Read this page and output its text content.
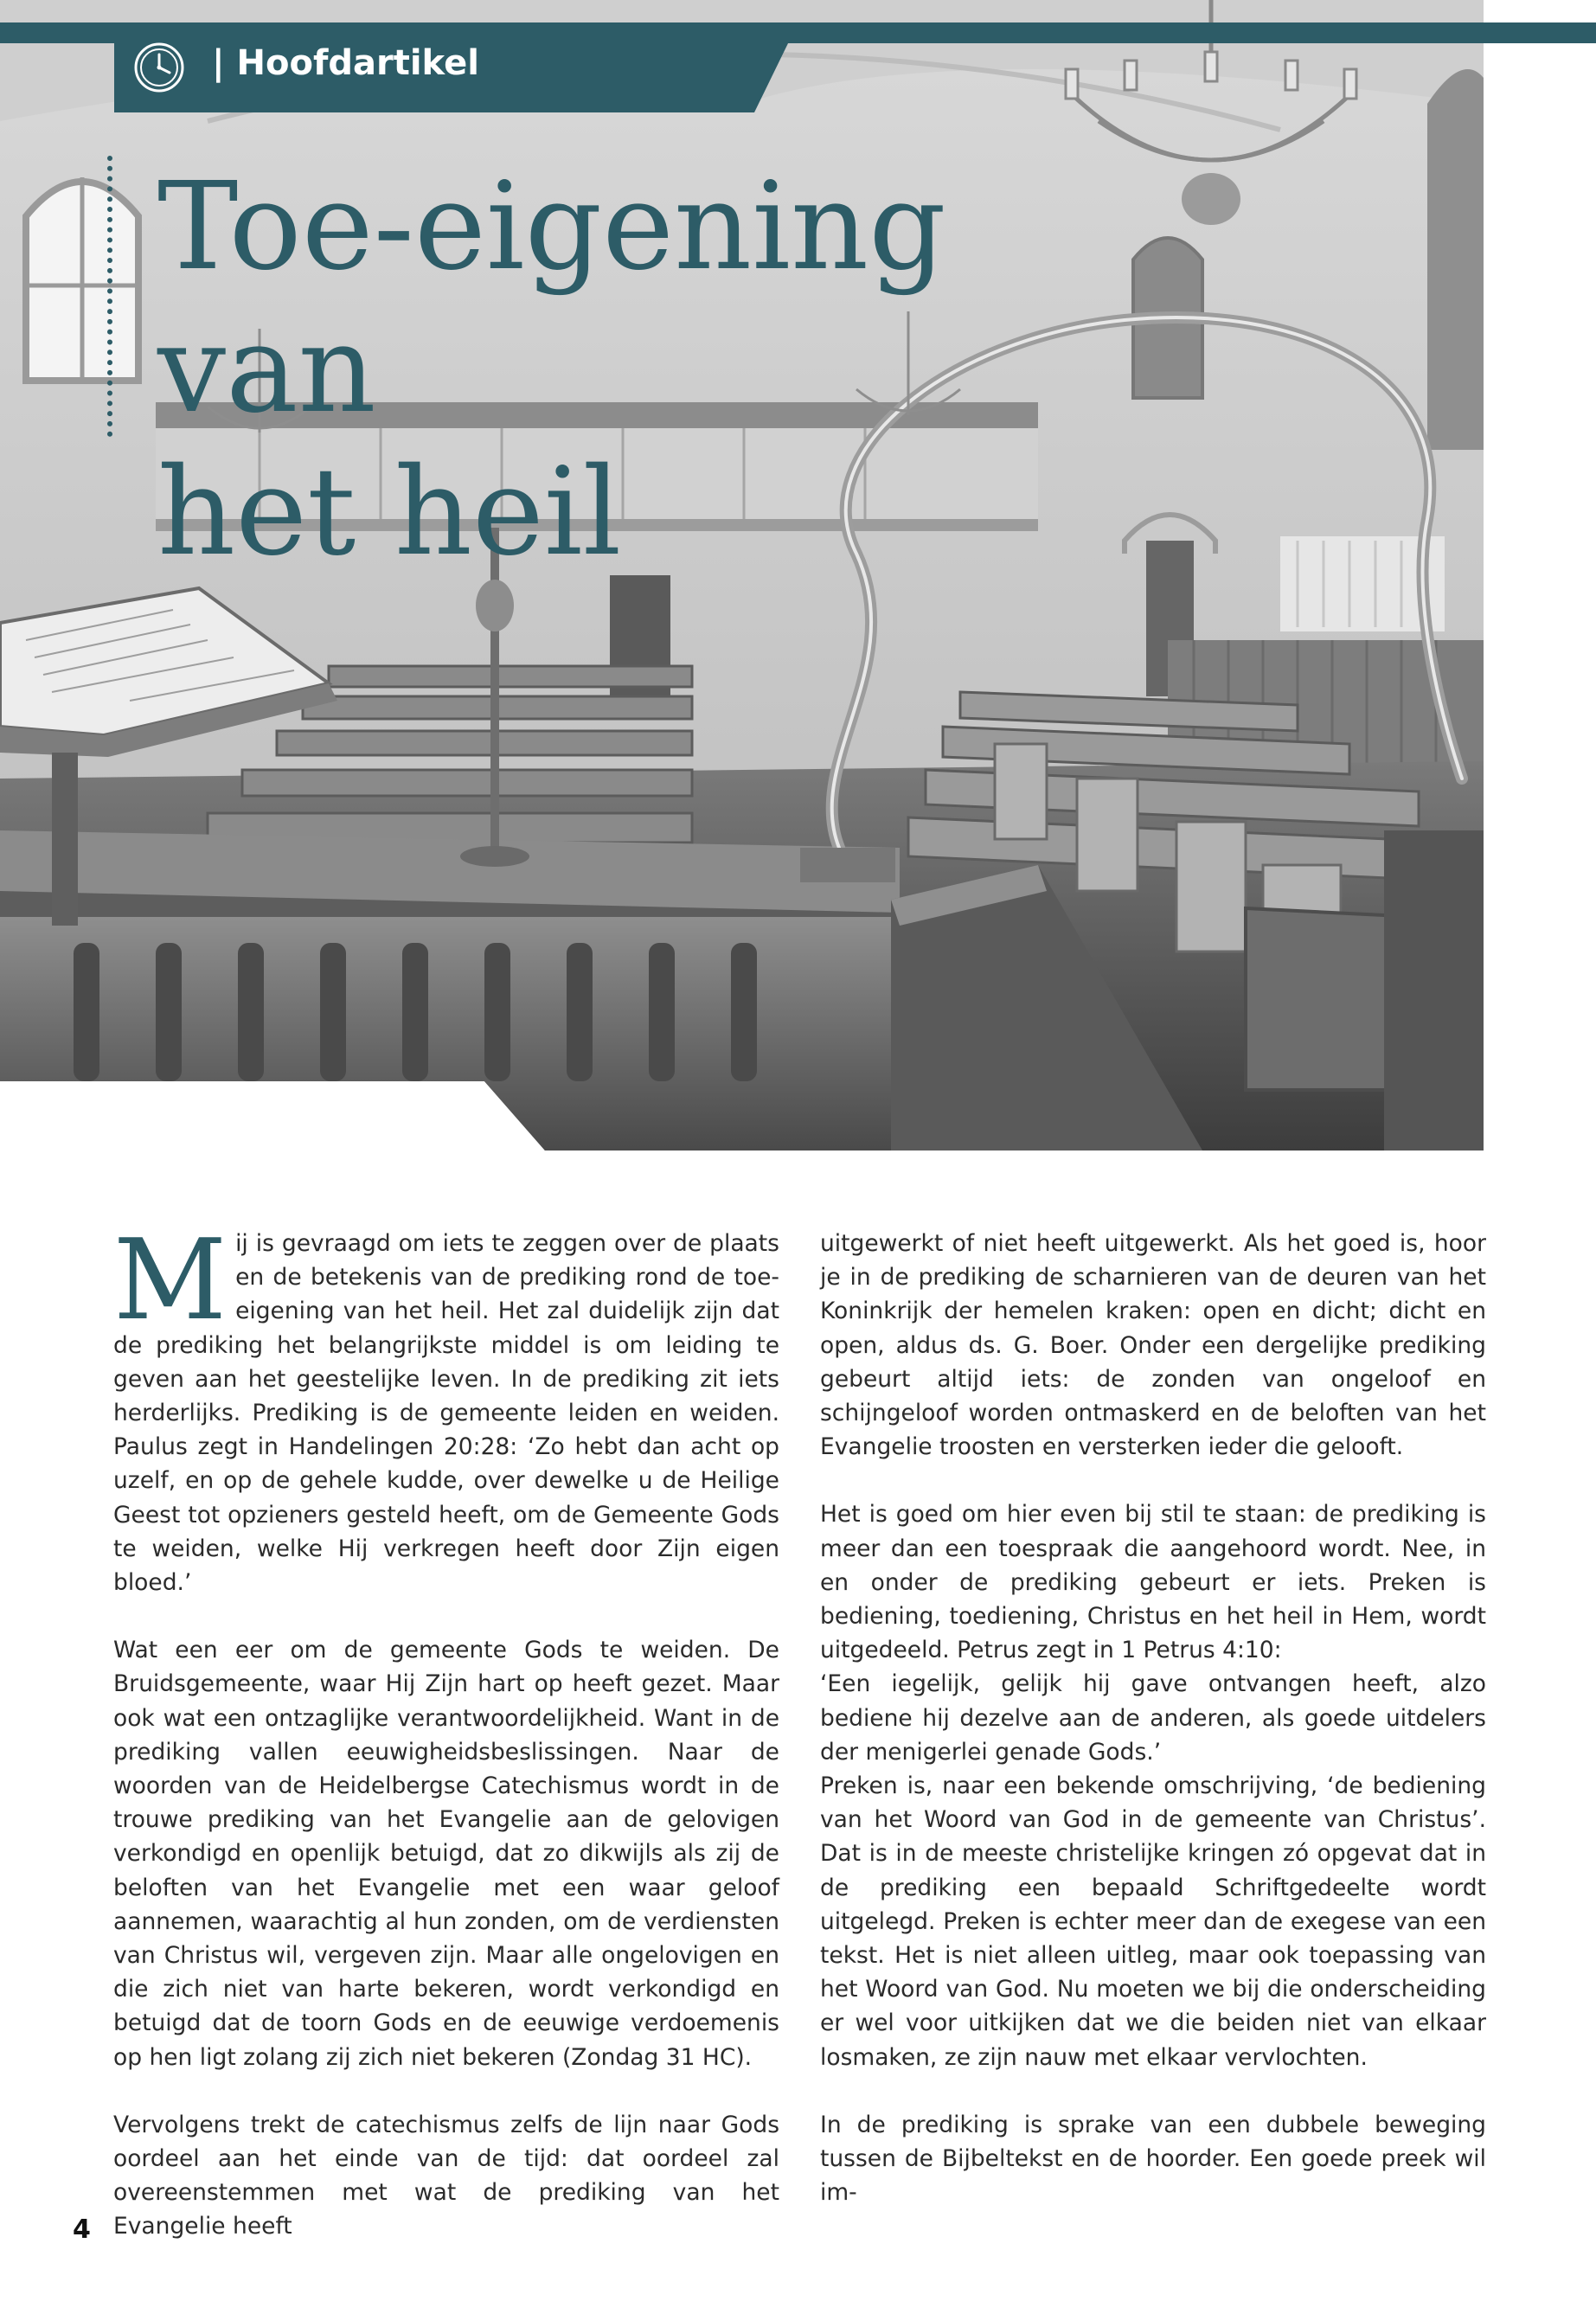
| Hoofdartikel
Toe-eigening van
het heil

Mij is gevraagd om iets te zeggen over de plaats en de betekenis van de prediking rond de toe-eigening van het heil. Het zal duidelijk zijn dat de prediking het belangrijkste middel is om leiding te geven aan het geestelijke leven. In de prediking zit iets herderlijks. Prediking is de gemeente leiden en weiden. Paulus zegt in Handelingen 20:28: ‘Zo hebt dan acht op uzelf, en op de gehele kudde, over dewelke u de Heilige Geest tot opzieners gesteld heeft, om de Gemeente Gods te weiden, welke Hij verkregen heeft door Zijn eigen bloed.’

Wat een eer om de gemeente Gods te weiden. De Bruidsgemeente, waar Hij Zijn hart op heeft gezet. Maar ook wat een ontzaglijke verantwoordelijkheid. Want in de prediking vallen eeuwigheidsbeslissingen. Naar de woorden van de Heidelbergse Catechismus wordt in de trouwe prediking van het Evangelie aan de gelovigen verkondigd en openlijk betuigd, dat zo dikwijls als zij de beloften van het Evangelie met een waar geloof aannemen, waarachtig al hun zonden, om de verdiensten van Christus wil, vergeven zijn. Maar alle ongelovigen en die zich niet van harte bekeren, wordt verkondigd en betuigd dat de toorn Gods en de eeuwige verdoemenis op hen ligt zolang zij zich niet bekeren (Zondag 31 HC).

Vervolgens trekt de catechismus zelfs de lijn naar Gods oordeel aan het einde van de tijd: dat oordeel zal overeenstemmen met wat de prediking van het Evangelie heeft

uitgewerkt of niet heeft uitgewerkt. Als het goed is, hoor je in de prediking de scharnieren van de deuren van het Koninkrijk der hemelen kraken: open en dicht; dicht en open, aldus ds. G. Boer. Onder een dergelijke prediking gebeurt altijd iets: de zonden van ongeloof en schijngeloof worden ontmaskerd en de beloften van het Evangelie troosten en versterken ieder die gelooft.

Het is goed om hier even bij stil te staan: de prediking is meer dan een toespraak die aangehoord wordt. Nee, in en onder de prediking gebeurt er iets. Preken is bediening, toediening, Christus en het heil in Hem, wordt uitgedeeld. Petrus zegt in 1 Petrus 4:10:

‘Een iegelijk, gelijk hij gave ontvangen heeft, alzo bediene hij dezelve aan de anderen, als goede uitdelers der menigerlei genade Gods.’

Preken is, naar een bekende omschrijving, ‘de bediening van het Woord van God in de gemeente van Christus’. Dat is in de meeste christelijke kringen zó opgevat dat in de prediking een bepaald Schriftgedeelte wordt uitgelegd. Preken is echter meer dan de exegese van een tekst. Het is niet alleen uitleg, maar ook toepassing van het Woord van God. Nu moeten we bij die onderscheiding er wel voor uitkijken dat we die beiden niet van elkaar losmaken, ze zijn nauw met elkaar vervlochten.

In de prediking is sprake van een dubbele beweging tussen de Bijbeltekst en de hoorder. Een goede preek wil im-

4
